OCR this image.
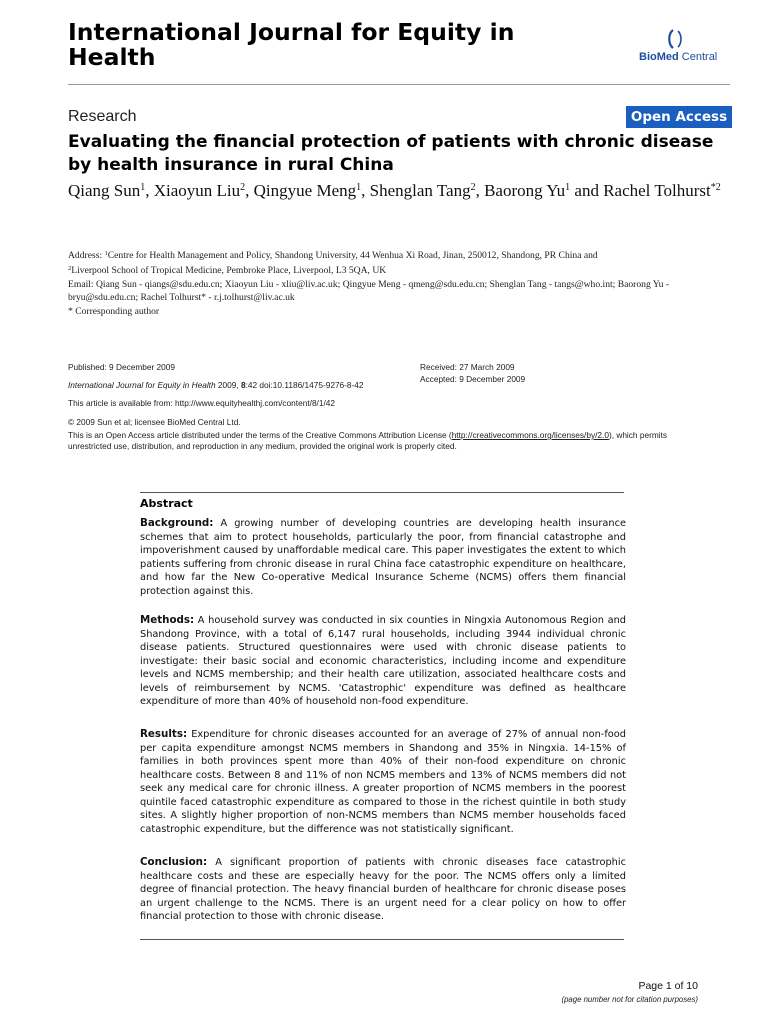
International Journal for Equity in Health	BioMed Central
Research	Open Access
Evaluating the financial protection of patients with chronic disease by health insurance in rural China
Qiang Sun$^1$, Xiaoyun Liu$^2$, Qingyue Meng$^1$, Shenglan Tang$^2$, Baorong Yu$^1$ and Rachel Tolhurst$^{*2}$
Address: $^1$Centre for Health Management and Policy, Shandong University, 44 Wenhua Xi Road, Jinan, 250012, Shandong, PR China and
$^2$Liverpool School of Tropical Medicine, Pembroke Place, Liverpool, L3 5QA, UK
Email: Qiang Sun - qiangs@sdu.edu.cn; Xiaoyun Liu - xliu@liv.ac.uk; Qingyue Meng - qmeng@sdu.edu.cn; Shenglan Tang - tangs@who.int; Baorong Yu - bryu@sdu.edu.cn; Rachel Tolhurst* - r.j.tolhurst@liv.ac.uk
* Corresponding author
Published: 9 December 2009	Received: 27 March 2009
Accepted: 9 December 2009
International Journal for Equity in Health 2009, 8:42 doi:10.1186/1475-9276-8-42
This article is available from: http://www.equityhealthj.com/content/8/1/42
© 2009 Sun et al; licensee BioMed Central Ltd.
This is an Open Access article distributed under the terms of the Creative Commons Attribution License (http://creativecommons.org/licenses/by/2.0), which permits unrestricted use, distribution, and reproduction in any medium, provided the original work is properly cited.
Abstract
Background: A growing number of developing countries are developing health insurance schemes that aim to protect households, particularly the poor, from financial catastrophe and impoverishment caused by unaffordable medical care. This paper investigates the extent to which patients suffering from chronic disease in rural China face catastrophic expenditure on healthcare, and how far the New Co-operative Medical Insurance Scheme (NCMS) offers them financial protection against this.
Methods: A household survey was conducted in six counties in Ningxia Autonomous Region and Shandong Province, with a total of 6,147 rural households, including 3944 individual chronic disease patients. Structured questionnaires were used with chronic disease patients to investigate: their basic social and economic characteristics, including income and expenditure levels and NCMS membership; and their health care utilization, associated healthcare costs and levels of reimbursement by NCMS. 'Catastrophic' expenditure was defined as healthcare expenditure of more than 40% of household non-food expenditure.
Results: Expenditure for chronic diseases accounted for an average of 27% of annual non-food per capita expenditure amongst NCMS members in Shandong and 35% in Ningxia. 14-15% of families in both provinces spent more than 40% of their non-food expenditure on chronic healthcare costs. Between 8 and 11% of non NCMS members and 13% of NCMS members did not seek any medical care for chronic illness. A greater proportion of NCMS members in the poorest quintile faced catastrophic expenditure as compared to those in the richest quintile in both study sites. A slightly higher proportion of non-NCMS members than NCMS member households faced catastrophic expenditure, but the difference was not statistically significant.
Conclusion: A significant proportion of patients with chronic diseases face catastrophic healthcare costs and these are especially heavy for the poor. The NCMS offers only a limited degree of financial protection. The heavy financial burden of healthcare for chronic disease poses an urgent challenge to the NCMS. There is an urgent need for a clear policy on how to offer financial protection to those with chronic disease.
Page 1 of 10
(page number not for citation purposes)
